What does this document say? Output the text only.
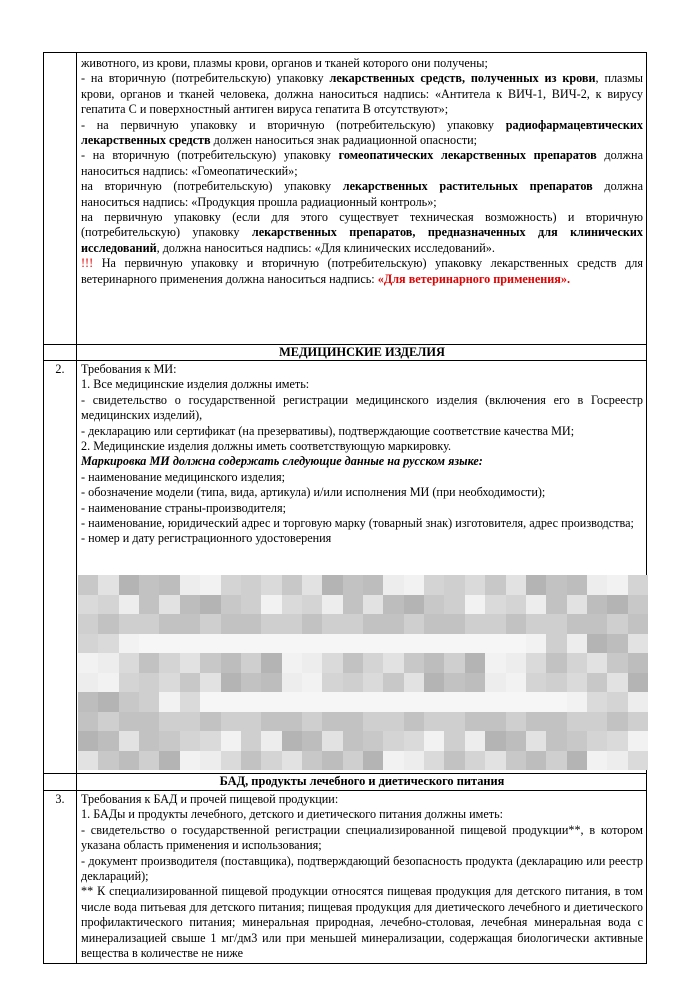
животного, из крови, плазмы крови, органов и тканей которого они получены;

- на вторичную (потребительскую) упаковку лекарственных средств, полученных из крови, плазмы крови, органов и тканей человека, должна наноситься надпись: «Антитела к ВИЧ-1, ВИЧ-2, к вирусу гепатита С и поверхностный антиген вируса гепатита В отсутствуют»;

- на первичную упаковку и вторичную (потребительскую) упаковку радиофармацевтических лекарственных средств должен наноситься знак радиационной опасности;

- на вторичную (потребительскую) упаковку гомеопатических лекарственных препаратов должна наноситься надпись: «Гомеопатический»;

на вторичную (потребительскую) упаковку лекарственных растительных препаратов должна наноситься надпись: «Продукция прошла радиационный контроль»;

на первичную упаковку (если для этого существует техническая возможность) и вторичную (потребительскую) упаковку лекарственных препаратов, предназначенных для клинических исследований, должна наноситься надпись: «Для клинических исследований».

!!! На первичную упаковку и вторичную (потребительскую) упаковку лекарственных средств для ветеринарного применения должна наноситься надпись: «Для ветеринарного применения».

МЕДИЦИНСКИЕ ИЗДЕЛИЯ
2.	Требования к МИ:

1. Все медицинские изделия должны иметь:

- свидетельство о государственной регистрации медицинского изделия (включения его в Госреестр медицинских изделий),

- декларацию или сертификат (на презервативы), подтверждающие соответствие качества МИ;

2. Медицинские изделия должны иметь соответствующую маркировку.

Маркировка МИ должна содержать следующие данные на русском языке:

- наименование медицинского изделия;

- обозначение модели (типа, вида, артикула) и/или исполнения МИ (при необходимости);

- наименование страны-производителя;

- наименование, юридический адрес и торговую марку (товарный знак) изготовителя, адрес производства;

- номер и дату регистрационного удостоверения

БАД, продукты лечебного и диетического питания
3.	Требования к БАД и прочей пищевой продукции:

1. БАДы и продукты лечебного, детского и диетического питания должны иметь:

- свидетельство о государственной регистрации специализированной пищевой продукции**, в котором указана область применения и использования;

- документ производителя (поставщика), подтверждающий безопасность продукта (декларацию или реестр деклараций);

** К специализированной пищевой продукции относятся пищевая продукция для детского питания, в том числе вода питьевая для детского питания; пищевая продукция для диетического лечебного и диетического профилактического питания; минеральная природная, лечебно-столовая, лечебная минеральная вода с минерализацией свыше 1 мг/дм3 или при меньшей минерализации, содержащая биологически активные вещества в количестве не ниже
